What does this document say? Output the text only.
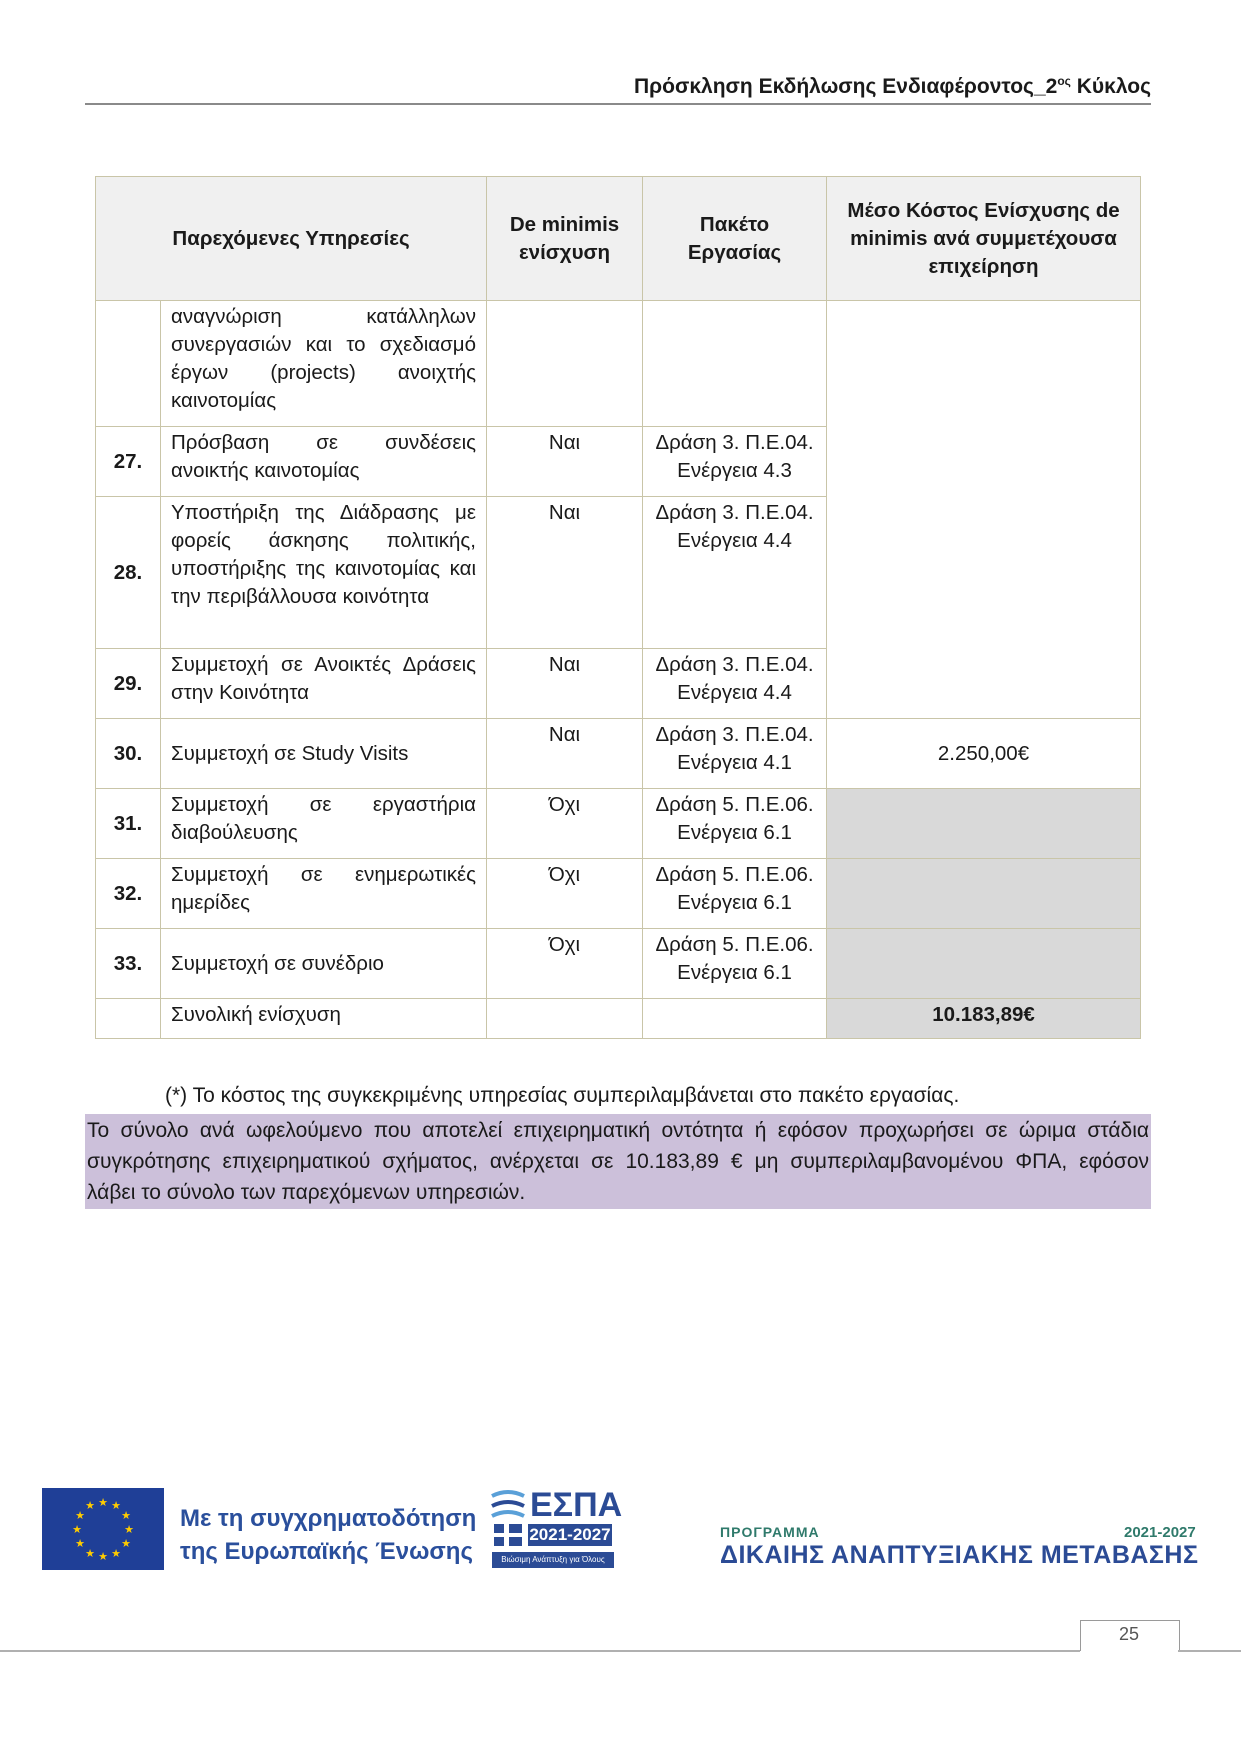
Πρόσκληση Εκδήλωσης $E\nu\delta\iota\alpha\varphi έ\rho o\nu\tau o\varsigma\_2^{o\varsigma}$ Κύκλος
Παρεχόμενες Υπηρεσίες		De minimis ενίσχυση	Πακέτο Εργασίας	Μέσο Κόστος Ενίσχυσης de minimis ανά συμμετέχουσα επιχείρηση
	αναγνώριση κατάλληλων συνεργασιών και το σχεδιασμό έργων (projects) ανοιχτής καινοτομίας			
27.	Πρόσβαση σε συνδέσεις ανοικτής καινοτομίας	Ναι	Δράση 3. Π.Ε.04.
Ενέργεια 4.3	
28.	Υποστήριξη της Διάδρασης με φορείς άσκησης πολιτικής, υποστήριξης της καινοτομίας και την περιβάλλουσα κοινότητα	Ναι	Δράση 3. Π.Ε.04.
Ενέργεια 4.4	
29.	Συμμετοχή σε Ανοικτές Δράσεις στην Κοινότητα	Ναι	Δράση 3. Π.Ε.04.
Ενέργεια 4.4	
30.	Συμμετοχή σε Study Visits	Ναι	Δράση 3. Π.Ε.04.
Ενέργεια 4.1	2.250,00€
31.	Συμμετοχή σε εργαστήρια διαβούλευσης	Όχι	Δράση 5. Π.Ε.06.
Ενέργεια 6.1	
32.	Συμμετοχή σε ενημερωτικές ημερίδες	Όχι	Δράση 5. Π.Ε.06.
Ενέργεια 6.1	
33.	Συμμετοχή σε συνέδριο	Όχι	Δράση 5. Π.Ε.06.
Ενέργεια 6.1	
	Συνολική ενίσχυση			10.183,89€
(*) Το κόστος της συγκεκριμένης υπηρεσίας συμπεριλαμβάνεται στο πακέτο εργασίας.
Το σύνολο ανά ωφελούμενο που αποτελεί επιχειρηματική οντότητα ή εφόσον προχωρήσει σε ώριμα στάδια
συγκρότησης επιχειρηματικού σχήματος, ανέρχεται σε 10.183,89 € μη συμπεριλαμβανομένου ΦΠΑ, εφόσον
λάβει το σύνολο των παρεχόμενων υπηρεσιών.
25
★ ★
★
★
★
★
★
★
★
★
★
★	Με τη συγχρηματοδότηση
της Ευρωπαϊκής Ένωσης
ΕΣΠΑ
2021-2027
Βιώσιμη Ανάπτυξη για Όλους
ΠΡΟΓΡΑΜΜΑ	2021-2027
ΔΙΚΑΙΗΣ ΑΝΑΠΤΥΞΙΑΚΗΣ ΜΕΤΑΒΑΣΗΣ
